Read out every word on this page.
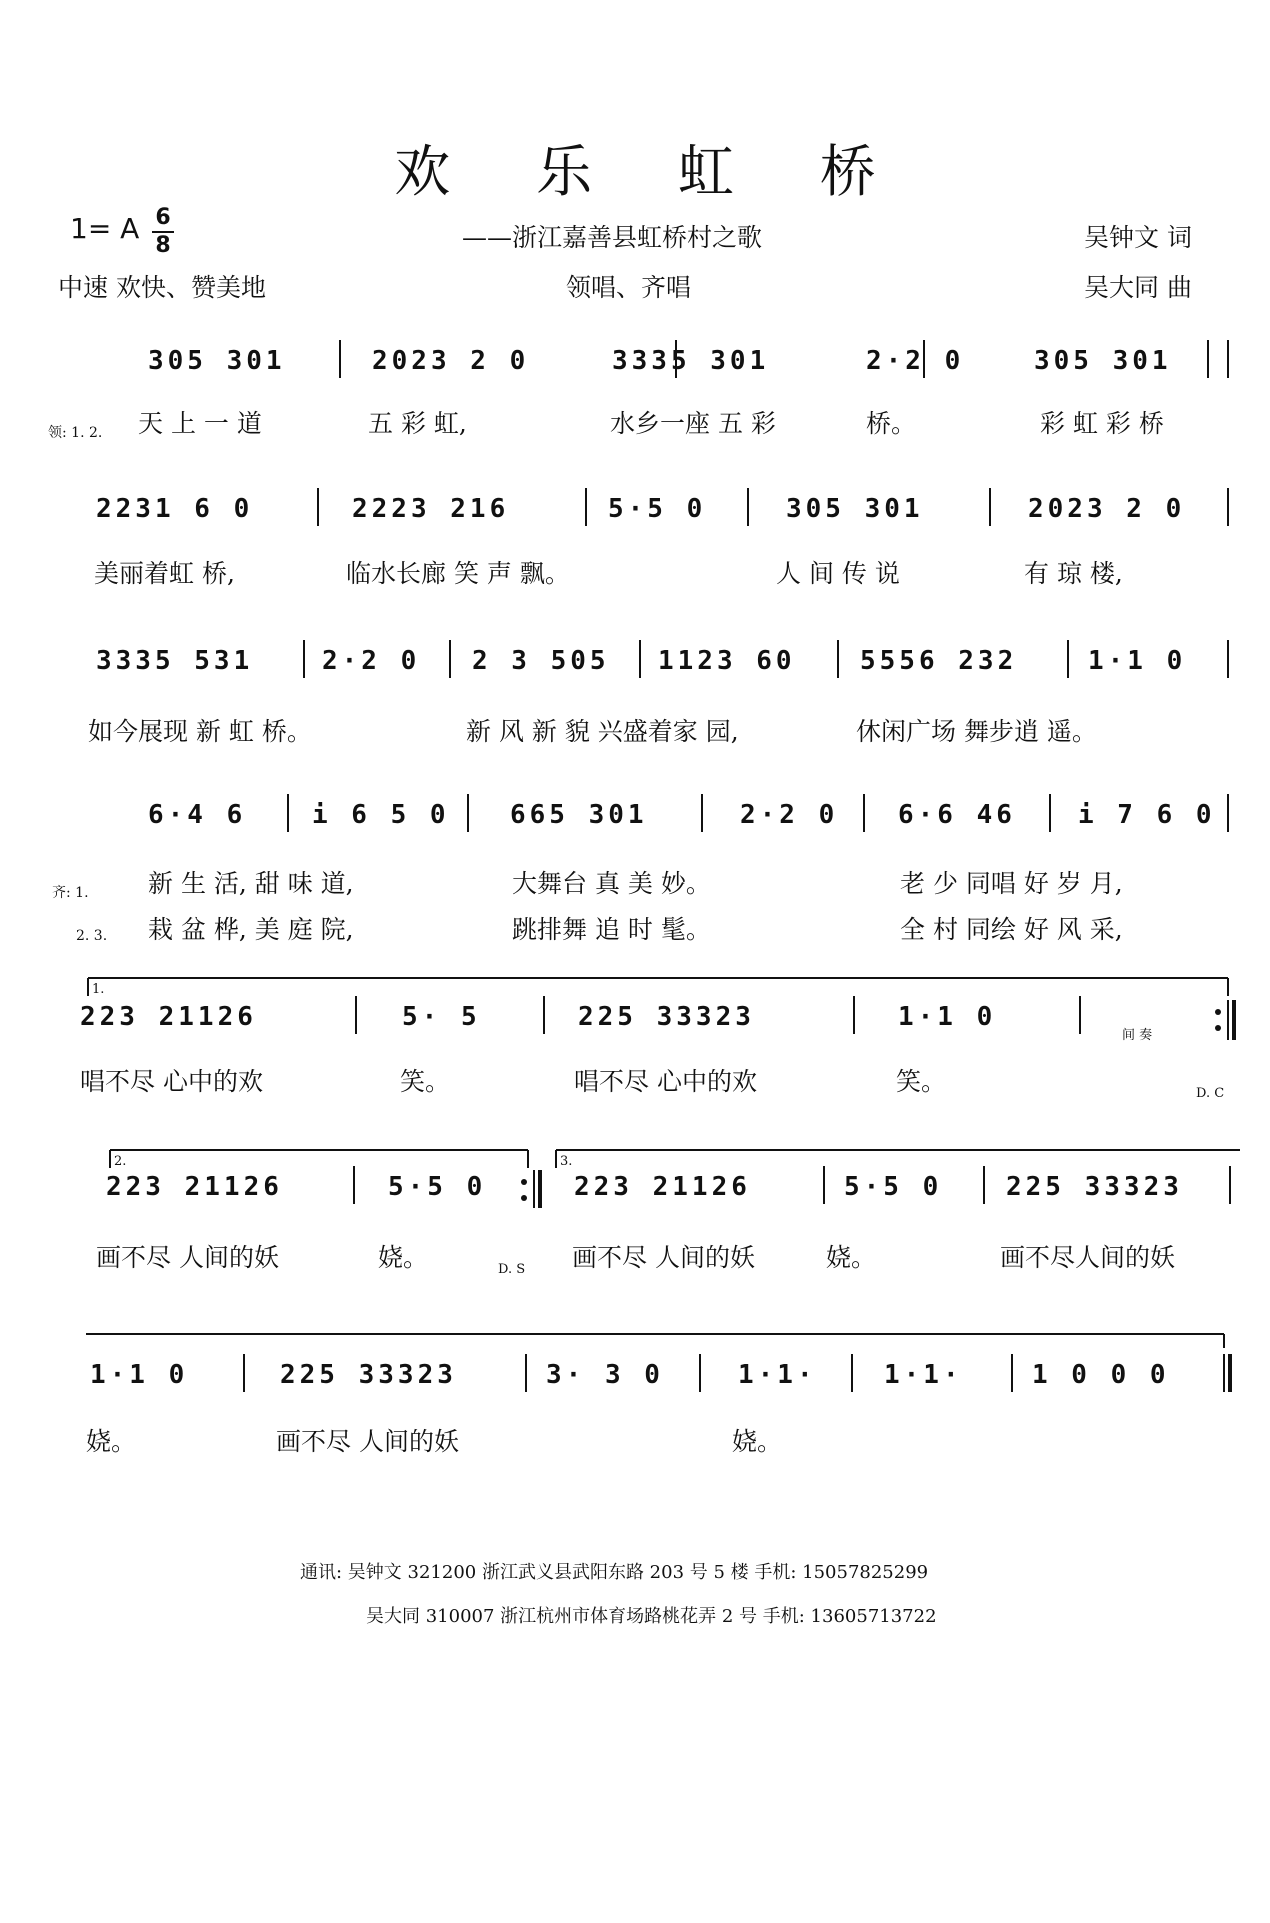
欢 乐 虹 桥
1= A 6
8	——浙江嘉善县虹桥村之歌	吴钟文 词
中速 欢快、赞美地	领唱、齐唱	吴大同 曲
305 301	2023 2 0	3335 301	2·2 0	305 301
天 上 一 道	五 彩 虹,	水乡一座 五 彩	桥。	彩 虹 彩 桥
2231 6 0	2223 216	5·5 0	305 301	2023 2 0
美丽着虹 桥,	临水长廊 笑 声 飘。	人 间 传 说	有 琼 楼,
3335 531	2·2 0 2 3 505 1123 60 5556 232	1·1 0
如今展现 新 虹 桥。	新 风 新 貌 兴盛着家 园,	休闲广场 舞步逍 遥。
6·4 6	i 6 5 0 665 301	2·2 0 6·6 46 i 7 6 0
新 生 活, 甜 味 道,	大舞台 真 美 妙。	老 少 同唱 好 岁 月,
栽 盆 桦, 美 庭 院,	跳排舞 追 时 髦。	全 村 同绘 好 风 采,
223 21126	5· 5	225 33323	1·1 0
唱不尽 心中的欢	笑。	唱不尽 心中的欢	笑。
223 21126	5·5 0	223 21126	5·5 0 225 33323
画不尽 人间的妖	娆。	画不尽 人间的妖	娆。	画不尽人间的妖
1·1 0	225 33323	3· 3 0	1·1·	1·1·	1 0 0 0
娆。	画不尽 人间的妖	娆。
领: 1. 2.
齐: 1.
2. 3.
1.
间 奏
D. C
2.	3.
D. S
通讯: 吴钟文 321200 浙江武义县武阳东路 203 号 5 楼 手机: 15057825299
吴大同 310007 浙江杭州市体育场路桃花弄 2 号 手机: 13605713722
